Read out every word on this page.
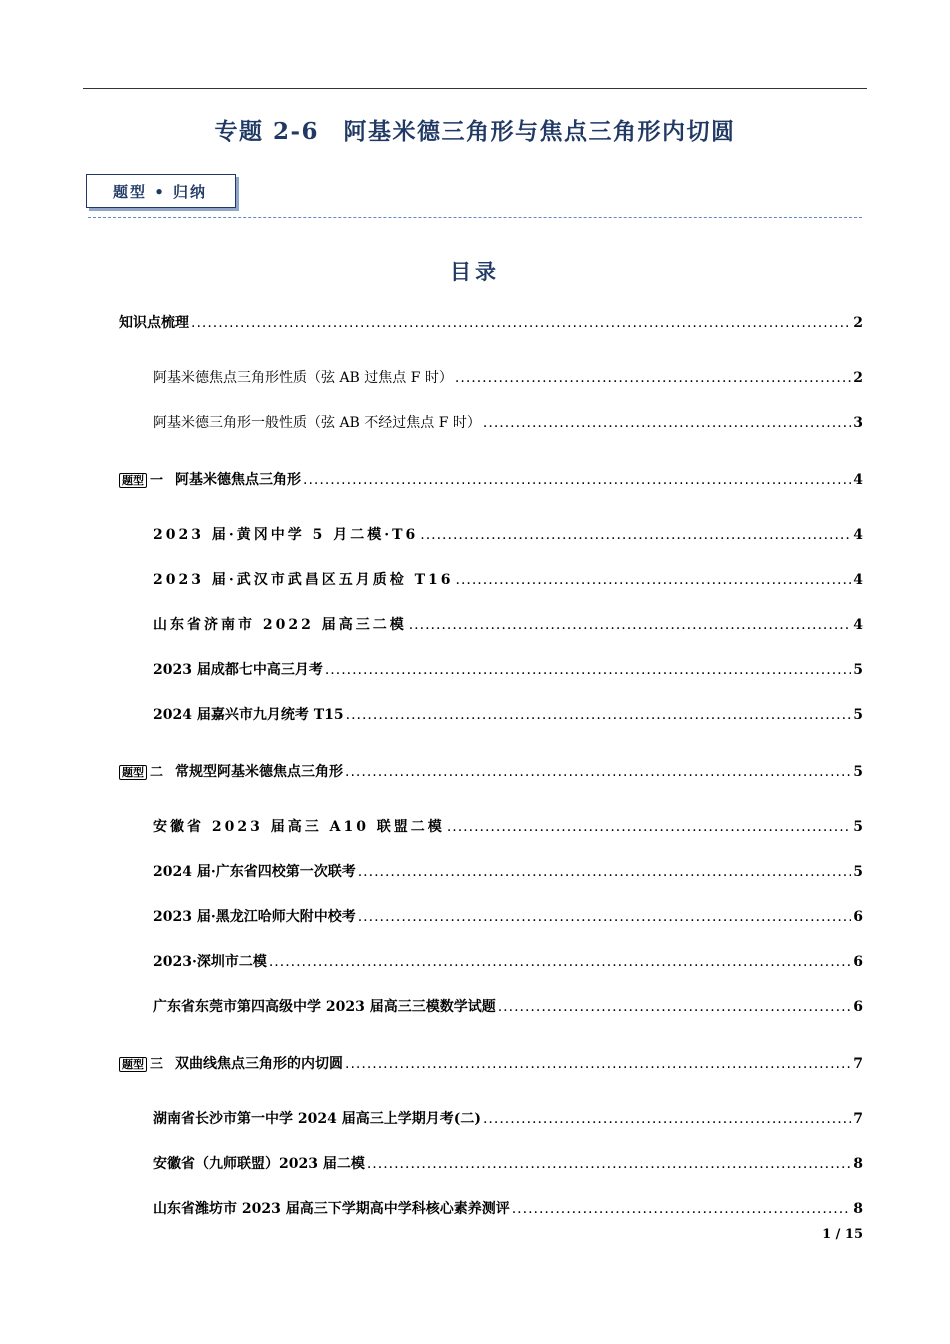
专题 2-6　阿基米德三角形与焦点三角形内切圆
题型 • 归纳
目录
知识点梳理 .....	2
阿基米德焦点三角形性质（弦 AB 过焦点 F 时） .....	2
阿基米德三角形一般性质（弦 AB 不经过焦点 F 时） .....	3
题型 一 阿基米德焦点三角形 .....	4
2023 届·黄冈中学 5 月二模·T6 .....	4
2023 届·武汉市武昌区五月质检 T16 .....	4
山东省济南市 2022 届高三二模 .....	4
2023 届成都七中高三月考 .....	5
2024 届嘉兴市九月统考 T15 .....	5
题型 二 常规型阿基米德焦点三角形 .....	5
安徽省 2023 届高三 A10 联盟二模 .....	5
2024 届·广东省四校第一次联考 .....	5
2023 届·黑龙江哈师大附中校考 .....	6
2023·深圳市二模 .....	6
广东省东莞市第四高级中学 2023 届高三三模数学试题 .....	6
题型 三 双曲线焦点三角形的内切圆 .....	7
湖南省长沙市第一中学 2024 届高三上学期月考(二) .....	7
安徽省（九师联盟）2023 届二模 .....	8
山东省潍坊市 2023 届高三下学期高中学科核心素养测评 .....	8
1 / 15
